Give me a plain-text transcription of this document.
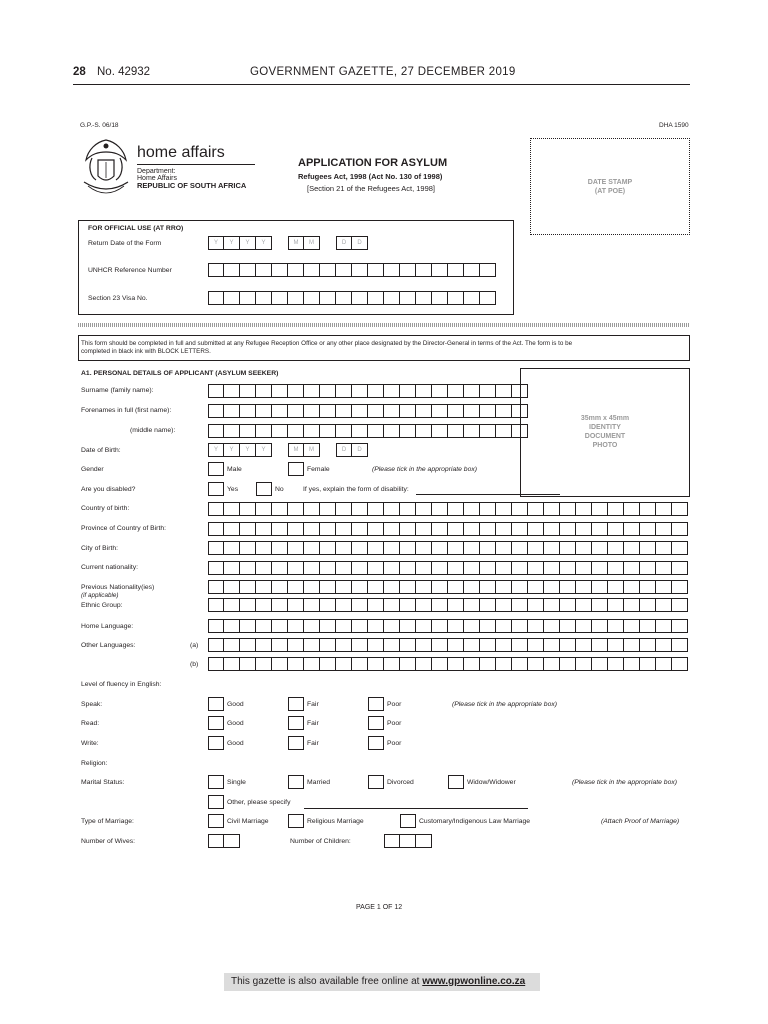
28 No. 42932	GOVERNMENT GAZETTE, 27 DECEMBER 2019
G.P.-S. 06/18	DHA 1590
home affairs
Department:
Home Affairs
REPUBLIC OF SOUTH AFRICA
APPLICATION FOR ASYLUM
Refugees Act, 1998 (Act No. 130 of 1998)
[Section 21 of the Refugees Act, 1998]
DATE STAMP
(AT POE)
FOR OFFICIAL USE (AT RRO)
Return Date of the Form	Y	Y	Y	Y	M	M	D	D
UNHCR Reference Number
Section 23 Visa No.
This form should be completed in full and submitted at any Refugee Reception Office or any other place designated by the Director-General in terms of the Act. The form is to be
completed in black ink with BLOCK LETTERS.
A1. PERSONAL DETAILS OF APPLICANT (ASYLUM SEEKER)
35mm x 45mm
IDENTITY
DOCUMENT
PHOTO
Surname (family name):
Forenames in full (first name):
(middle name):
Date of Birth:	Y	Y	Y	Y	M	M	D	D
Gender	Male	Female	(Please tick in the appropriate box)
Are you disabled?	Yes	No	If yes, explain the form of disability:
Country of birth:
Province of Country of Birth:
City of Birth:
Current nationality:
Previous Nationality(ies)
(if applicable)
Ethnic Group:
Home Language:
Other Languages:	(a)
(b)
Level of fluency in English:
Speak:	Good	Fair	Poor	(Please tick in the appropriate box)
Read:	Good	Fair	Poor
Write:	Good	Fair	Poor
Religion:
Marital Status:	Single	Married	Divorced	Widow/Widower	(Please tick in the appropriate box)
Other, please specify
Type of Marriage:	Civil Marriage	Religious Marriage	Customary/Indigenous Law Marriage	(Attach Proof of Marriage)
Number of Wives:	Number of Children:
PAGE 1 OF 12
This gazette is also available free online at www.gpwonline.co.za
